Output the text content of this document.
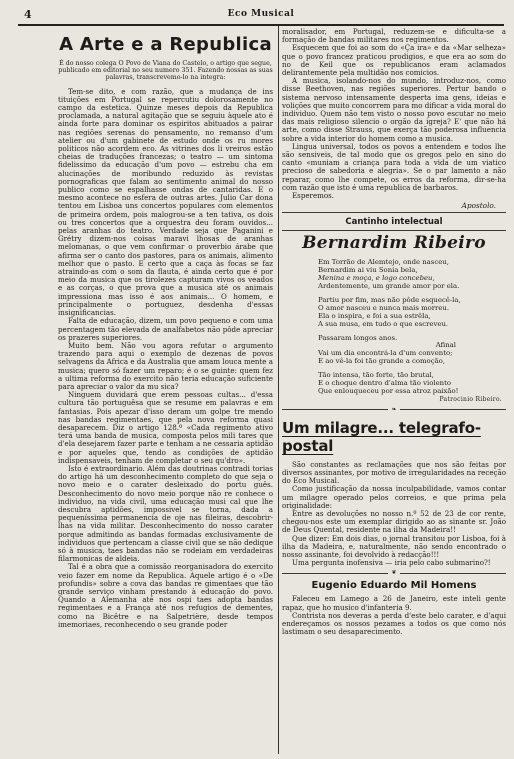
4	Eco Musical
A Arte e a Republica
É do nosso colega O Povo de Viana do Castelo, o artigo que segue, publicado em editorial no seu numero 351. Fazendo nossas as suas palavras, transcrevemo-lo na integra:

Tem-se dito, e com razão, que a mudança de ins tituições em Portugal se repercutiu dolorosamente no campo da estetica. Quinze meses depois da Republica proclamada, a natural agitação que se seguiu àquele ato é ainda forte para dominar os espiritos abituados a pairar nas regiões serenas do pensamento, no remanso d'um atelier ou d'um gabinete de estudo onde os ru mores politicos não acordem eco. As vitrines dos li vreiros estão cheias de traduções francezas; o teatro — um sintoma fidelissimo da educação d'um povo — estrebu cha em alucinações de moribundo reduzido às revistas pornograficas que falam ao sentimento animal do nosso publico como se espalhasse ondas de cantaridas. E o mesmo acontece no esfera de outras artes. Julio Car dona tentou em Lisboa uns concertos populares com elementos de primeira ordem, pois malogrou-se a ten tativa, os dois ou tres concertos que a orquestra deu foram ouvidos... pelas aranhas do teatro. Verdade seja que Paganini e Grétry dizem-nos coisas maravi lhosas de aranhas melomanas, o que vem confirmar o proverbio árabe que afirma ser o canto dos pastores, para os animais, alimento melhor que o pasto. E certo que a caça às focas se faz atraindo-as com o som da flauta, é ainda certo que é por meio da musica que os tirolezes capturam vivos os veados e as corças, o que prova que a musica até os animais impressiona mas isso é aos animais... O homem, e principalmente o portuguez, desdenha d'essas insignificancias.

Falta de educação, dizem, um povo pequeno e com uma percentagem tão elevada de analfabetos não pôde apreciar os prazeres superiores.

Muito bem. Não vou agora refutar o argumento trazendo para aqui o exemplo de dezenas de povos selvagens da Africa e da Australia que amam louca mente a musica; quero só fazer um reparo; é o se guinte: quem fez a ultima reforma do exercito não teria educação suficiente para apreciar o valor da mu sica?

Ninguem duvidará que erem pessoas cultas... d'essa cultura tão portuguêsa que se resume em palavras e em fantasias. Pois apezar d'isso deram um golpe tre mendo nas bandas regimentaes, que pela nova reforma quasi desaparecem. Diz o artigo 128.º «Cada regimento ativo terá uma banda de musica, composta pelos mili tares que d'ela desejarem fazer parte e tenham a ne cessaria aptidão e por aqueles que, tendo as condições de aptidão indispensaveis, tenham de completar o seu qu'dro».

Isto é extraordinario. Além das doutrinas contradi torias do artigo há um desconhecimento completo do que seja o novo meio e o carater desleixado do portu guês. Desconhecimento do novo meio porque não re conhece o individuo, na vida civil, uma educação musi cal que lhe descubra aptidões, impossivel se torna, dada a pequeníssima permanencia de oje nas fileiras, descobrir-lhas na vida militar. Desconhecimento do nosso carater porque admitindo as bandas formadas exclusivamente de individuos que pertencam a classe civil que se não dedique só à musica, taes bandas não se rodeiam em verdadeiras filarmonicas de aldeia.

Tal é a obra que a comissão reorganisadora do exercito veio fazer em nome da Republica. Aquele artigo é o «De profundis» sobre a cova das bandas re gimentaes que tão grande serviço vinham prestando à educação do povo. Quando a Alemanha até nos ospi taes adopta bandas regimentaes e a França até nos refugios de dementes, como na Bicêtre e na Salpetrière, desde tempos imemoriaes, reconhecendo o seu grande poder

moralisador, em Portugal, reduzem-se e dificulta-se a formação de bandas militares nos regimentos.

Esquecem que foi ao som do «Ça ira» e da «Mar selheza» que o povo francez praticou prodigios, e que era ao som do no de Keil que os republicanos eram aclamados delirantemente pela multidão nos comicios.

A musica, isolando-nos do mundo, introduz-nos, como disse Beethoven, nas regiões superiores. Pertur bando o sistema nervoso intensamente desperta ima gens, ideias e volições que muito concorrem para mo dificar a vida moral do individuo. Quem não tem visto o nosso povo escutar no meio das mais religioso silencio o orgão da igreja? E' que não há arte, como disse Strauss, que exerça tão poderosa influencia sobre a vida interior do homem como a musica.

Lingua universal, todos os povos a entendem e todos lhe são sensiveis, de tal modo que os gregos pelo en sino do canto «muniam a criança para toda a vida de um viatico precioso de sabedoria e alegria». Se o par lamento a não reparar, como lhe compete, os erros da reforma, dir-se-ha com razão que isto é uma republica de barbaros.

Esperemos.

Apostolo.
Cantinho intelectual
Bernardim Ribeiro

Em Torrão de Alemtejo, onde nasceu,

Bernardim ai viu Sonia bela,

Menina e moça, e logo concebeu,

Ardentemente, um grande amor por ela.

Partiu por fim, mas não pôde esquecê-la,

O amor nasceu e nunca mais morreu.

Ela o inspira, e foi a sua estrêla,

A sua musa, em tudo o que escreveu.

Passaram longos anos.

Afinal

Vai um dia encontrá-la d'um convento;

E ao vê-la foi tão grande a comoção,

Tão intensa, tão forte, tão brutal,

E o choque dentro d'alma tão violento

Que enlouqueceu por essa atroz paixão!

Patrocinio Ribeiro.

❧
Um milagre... telegrafo-postal

São constantes as reclamações que nos são feitas por diversos assinantes, por motivo de irregularidades na receção do Eco Musical.

Como justificação da nossa inculpabilidade, vamos contar um milagre operado pelos correios, e que prima pela originalidade:

Entre as devoluções no nosso n.º 52 de 23 de cor rente, chegou-nos este um exemplar dirigido ao as sinante sr. João de Deus Quental, residente na ilha da Madeira!!

Que dizer: Em dois dias, o jornal transitou por Lisboa, foi à ilha da Madeira, e, naturalmente, não sendo encontrado o nosso assinante, foi devolvido à redacção!!!

Uma pergunta inofensiva — iria pelo cabo submarino?!

❦
Eugenio Eduardo Mil Homens

Faleceu em Lamego a 26 de Janeiro, este inteli gente rapaz, que ho musico d'infanteria 9.

Contrista nos deveras a perda d'este belo carater, e d'aqui endereçamos os nossos pezames a todos os que como nós lastimam o seu desaparecimento.
